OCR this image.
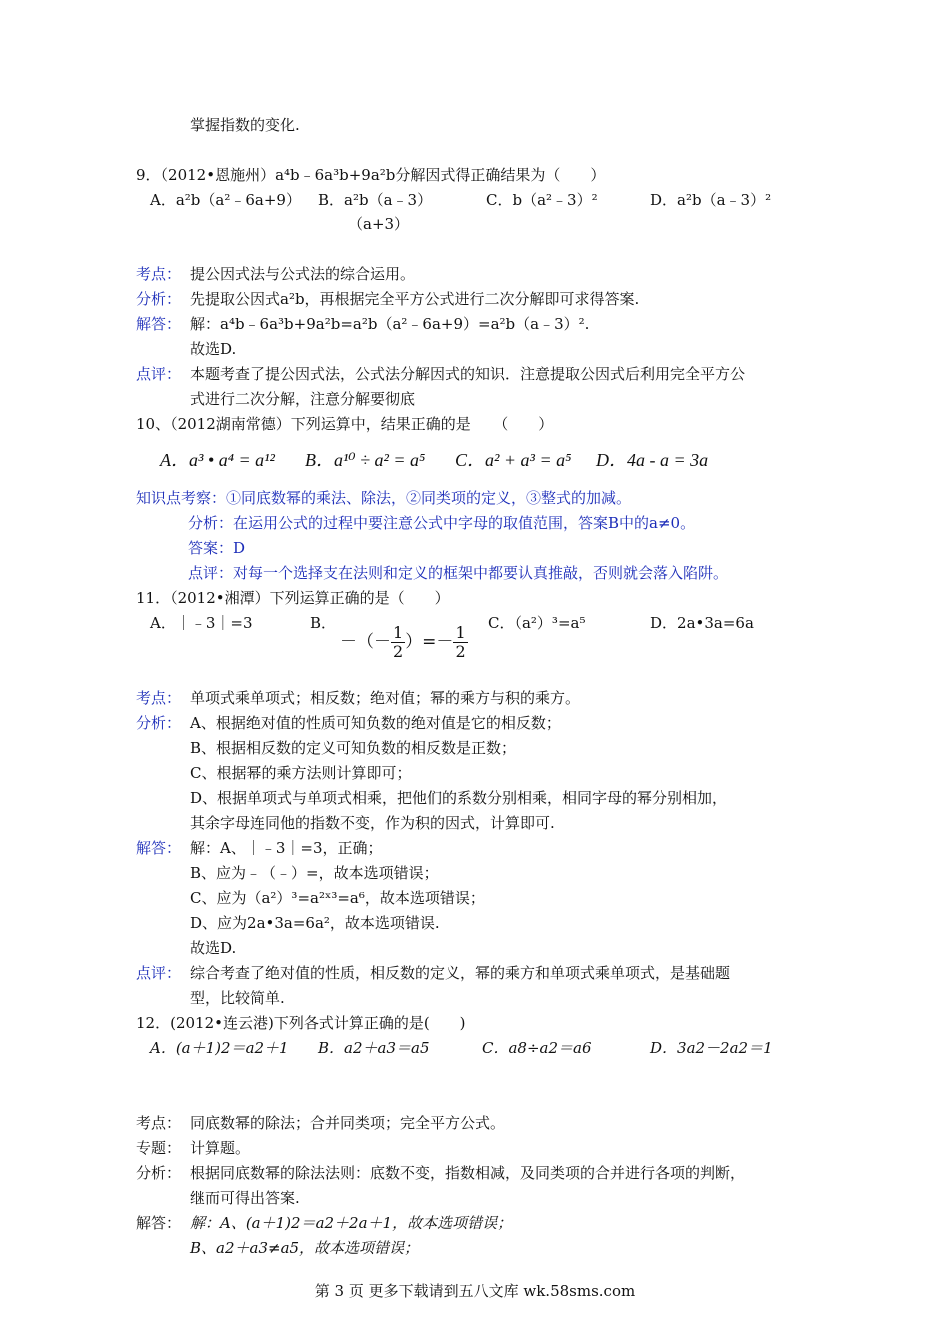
掌握指数的变化.
9．（2012•恩施州）a⁴b﹣6a³b+9a²b分解因式得正确结果为（　　）
A．a²b（a²﹣6a+9） B．a²b（a﹣3）
（a+3）
C．b（a²﹣3）²	D．a²b（a﹣3）²
考点： 提公因式法与公式法的综合运用。
分析： 先提取公因式a²b，再根据完全平方公式进行二次分解即可求得答案.
解答： 解：a⁴b﹣6a³b+9a²b=a²b（a²﹣6a+9）=a²b（a﹣3）².
故选D.
点评： 本题考查了提公因式法，公式法分解因式的知识．注意提取公因式后利用完全平方公
式进行二次分解，注意分解要彻底
10、（2012湖南常德）下列运算中，结果正确的是　　（　　）
A．a³ • a⁴ = a¹² B．a¹⁰ ÷ a² = a⁵ C．a² + a³ = a⁵ D．4a - a = 3a
知识点考察：①同底数幂的乘法、除法，②同类项的定义，③整式的加减。
分析：在运用公式的过程中要注意公式中字母的取值范围，答案B中的a≠0。
答案：D
点评：对每一个选择支在法则和定义的框架中都要认真推敲，否则就会落入陷阱。
11．（2012•湘潭）下列运算正确的是（　　）
A．｜﹣3｜=3	B．
－（－ $\frac{1}{2}$ ）=－ $\frac{1}{2}$
C．（a²）³=a⁵	D．2a•3a=6a
考点： 单项式乘单项式；相反数；绝对值；幂的乘方与积的乘方。
分析： A、根据绝对值的性质可知负数的绝对值是它的相反数；
B、根据相反数的定义可知负数的相反数是正数；
C、根据幂的乘方法则计算即可；
D、根据单项式与单项式相乘，把他们的系数分别相乘，相同字母的幂分别相加，
其余字母连同他的指数不变，作为积的因式，计算即可.
解答： 解：A、｜﹣3｜=3，正确；
B、应为﹣（﹣）=，故本选项错误；
C、应为（a²）³=a²ˣ³=a⁶，故本选项错误；
D、应为2a•3a=6a²，故本选项错误.
故选D.
点评： 综合考查了绝对值的性质，相反数的定义，幂的乘方和单项式乘单项式，是基础题
型，比较简单.
12．(2012•连云港)下列各式计算正确的是(　　)
A．(a＋1)2＝a2＋1 B．a2＋a3＝a5	C．a8÷a2＝a6	D．3a2－2a2＝1
考点： 同底数幂的除法；合并同类项；完全平方公式。
专题： 计算题。
分析： 根据同底数幂的除法法则：底数不变，指数相减，及同类项的合并进行各项的判断，
继而可得出答案.
解答： 解：A、(a＋1)2＝a2＋2a＋1，故本选项错误；
B、a2＋a3≠a5，故本选项错误；
第 3 页 更多下载请到五八文库 wk.58sms.com
